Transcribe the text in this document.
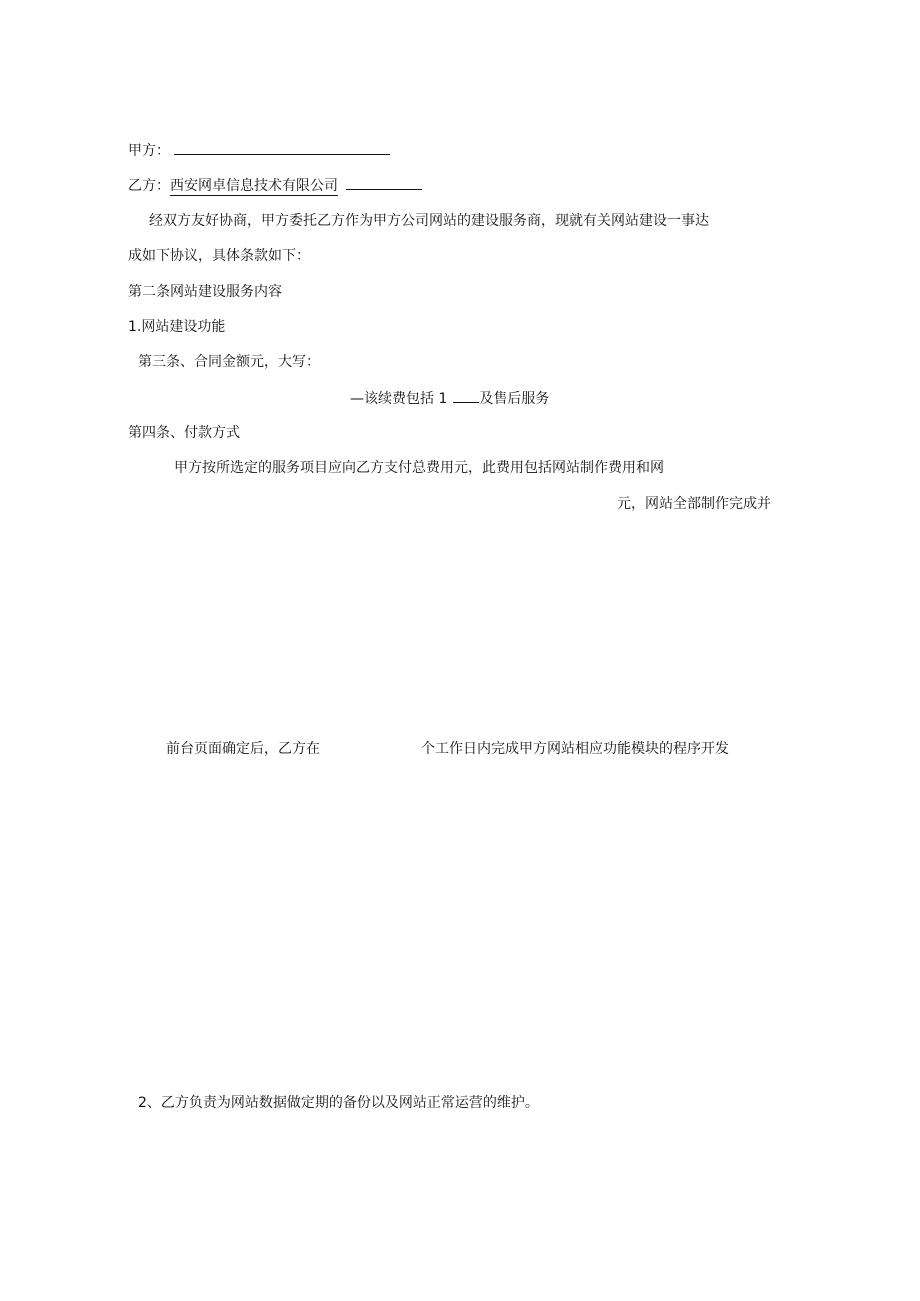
甲方：
乙方：西安网卓信息技术有限公司
经双方友好协商，甲方委托乙方作为甲方公司网站的建设服务商，现就有关网站建设一事达
成如下协议，具体条款如下：
第二条网站建设服务内容
1.网站建设功能
第三条、合同金额元，大写：
—该续费包括 1 及售后服务
第四条、付款方式
甲方按所选定的服务项目应向乙方支付总费用元，此费用包括网站制作费用和网
元，网站全部制作完成并
前台页面确定后，乙方在	个工作日内完成甲方网站相应功能模块的程序开发
2、乙方负责为网站数据做定期的备份以及网站正常运营的维护。
